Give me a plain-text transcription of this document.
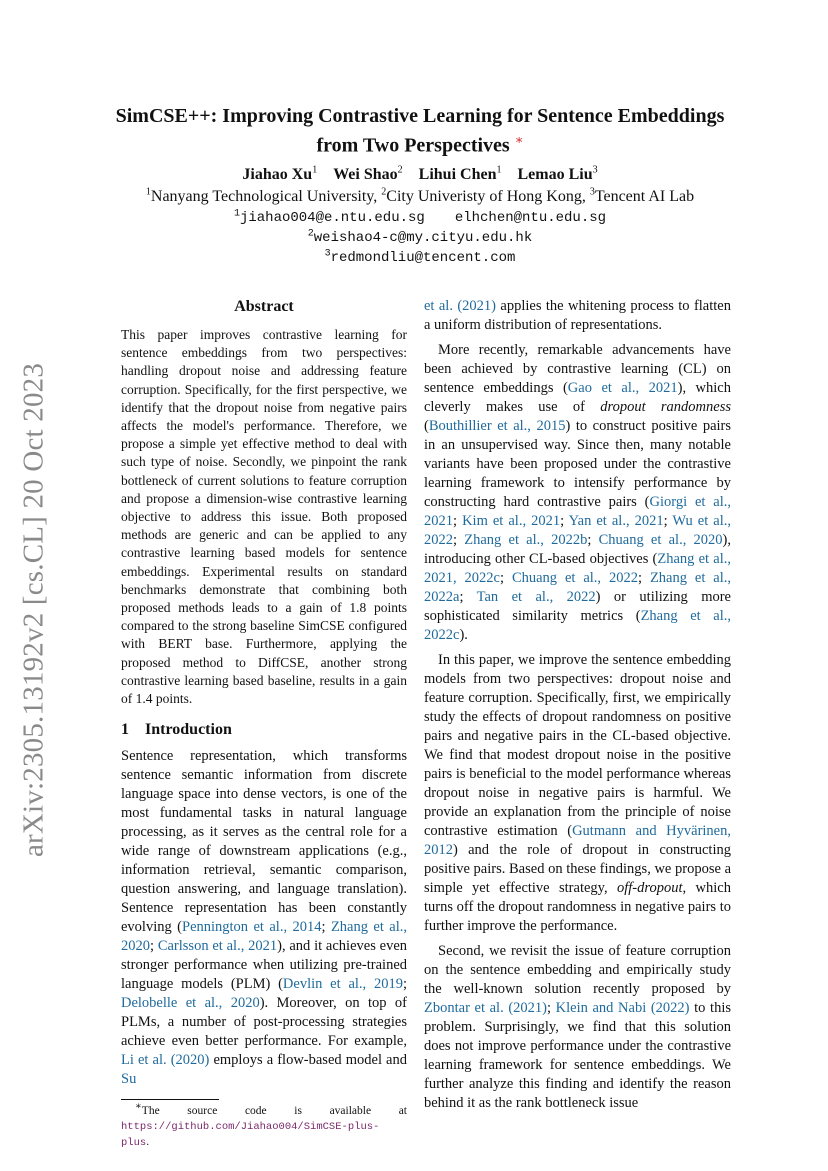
arXiv:2305.13192v2 [cs.CL] 20 Oct 2023
SimCSE++: Improving Contrastive Learning for Sentence Embeddings
from Two Perspectives ∗
Jiahao Xu$^1$ Wei Shao$^2$ Lihui Chen$^1$ Lemao Liu$^3$
$^1$Nanyang Technological University, $^2$City Univeristy of Hong Kong, $^3$Tencent AI Lab
$^1$jiahao004@e.ntu.edu.sg elhchen@ntu.edu.sg
$^2$weishao4-c@my.cityu.edu.hk
$^3$redmondliu@tencent.com
Abstract

This paper improves contrastive learning for sentence embeddings from two perspectives: handling dropout noise and addressing feature corruption. Specifically, for the first perspective, we identify that the dropout noise from negative pairs affects the model's performance. Therefore, we propose a simple yet effective method to deal with such type of noise. Secondly, we pinpoint the rank bottleneck of current solutions to feature corruption and propose a dimension-wise contrastive learning objective to address this issue. Both proposed methods are generic and can be applied to any contrastive learning based models for sentence embeddings. Experimental results on standard benchmarks demonstrate that combining both proposed methods leads to a gain of 1.8 points compared to the strong baseline SimCSE configured with BERT base. Furthermore, applying the proposed method to DiffCSE, another strong contrastive learning based baseline, results in a gain of 1.4 points.

1 Introduction

Sentence representation, which transforms sentence semantic information from discrete language space into dense vectors, is one of the most fundamental tasks in natural language processing, as it serves as the central role for a wide range of downstream applications (e.g., information retrieval, semantic comparison, question answering, and language translation). Sentence representation has been constantly evolving (Pennington et al., 2014; Zhang et al., 2020; Carlsson et al., 2021), and it achieves even stronger performance when utilizing pre-trained language models (PLM) (Devlin et al., 2019; Delobelle et al., 2020). Moreover, on top of PLMs, a number of post-processing strategies achieve even better performance. For example, Li et al. (2020) employs a flow-based model and Su

∗The source code is available at https://github.com/Jiahao004/SimCSE-plus-plus.

et al. (2021) applies the whitening process to flatten a uniform distribution of representations.

More recently, remarkable advancements have been achieved by contrastive learning (CL) on sentence embeddings (Gao et al., 2021), which cleverly makes use of dropout randomness (Bouthillier et al., 2015) to construct positive pairs in an unsupervised way. Since then, many notable variants have been proposed under the contrastive learning framework to intensify performance by constructing hard contrastive pairs (Giorgi et al., 2021; Kim et al., 2021; Yan et al., 2021; Wu et al., 2022; Zhang et al., 2022b; Chuang et al., 2020), introducing other CL-based objectives (Zhang et al., 2021, 2022c; Chuang et al., 2022; Zhang et al., 2022a; Tan et al., 2022) or utilizing more sophisticated similarity metrics (Zhang et al., 2022c).

In this paper, we improve the sentence embedding models from two perspectives: dropout noise and feature corruption. Specifically, first, we empirically study the effects of dropout randomness on positive pairs and negative pairs in the CL-based objective. We find that modest dropout noise in the positive pairs is beneficial to the model performance whereas dropout noise in negative pairs is harmful. We provide an explanation from the principle of noise contrastive estimation (Gutmann and Hyvärinen, 2012) and the role of dropout in constructing positive pairs. Based on these findings, we propose a simple yet effective strategy, off-dropout, which turns off the dropout randomness in negative pairs to further improve the performance.

Second, we revisit the issue of feature corruption on the sentence embedding and empirically study the well-known solution recently proposed by Zbontar et al. (2021); Klein and Nabi (2022) to this problem. Surprisingly, we find that this solution does not improve performance under the contrastive learning framework for sentence embeddings. We further analyze this finding and identify the reason behind it as the rank bottleneck issue
